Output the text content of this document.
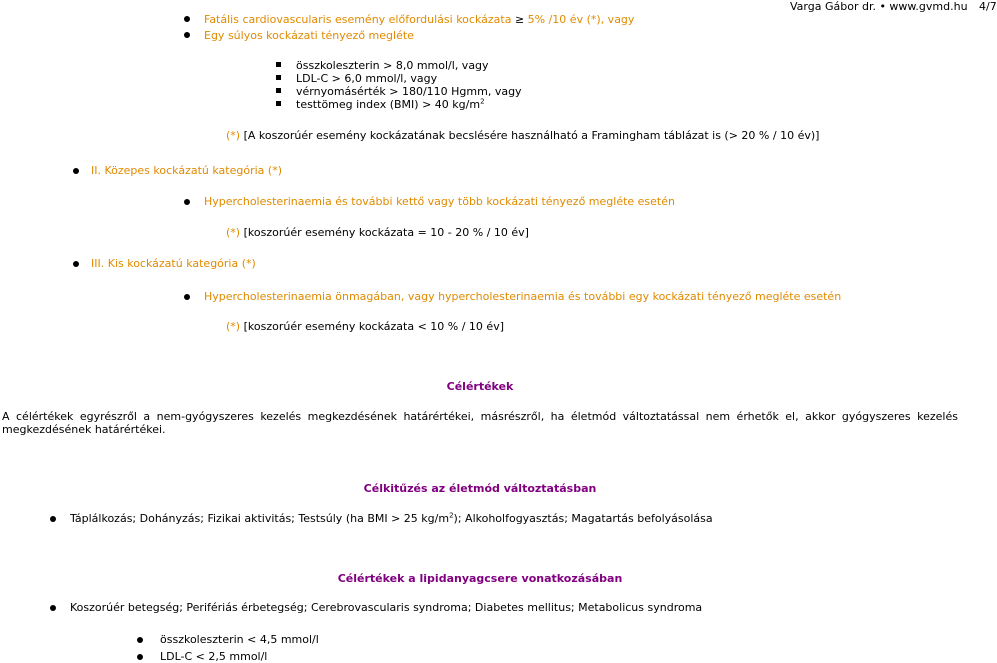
Varga Gábor dr. • www.gvmd.hu 4/7
Fatális cardiovascularis esemény előfordulási kockázata ≥ 5% /10 év (*), vagy
Egy súlyos kockázati tényező megléte
összkoleszterin > 8,0 mmol/l, vagy
LDL-C > 6,0 mmol/l, vagy
vérnyomásérték > 180/110 Hgmm, vagy
testtömeg index (BMI) > 40 $kg/m^2$
(*) [A koszorúér esemény kockázatának becslésére használható a Framingham táblázat is (> 20 % / 10 év)]
II. Közepes kockázatú kategória (*)
Hypercholesterinaemia és további kettő vagy több kockázati tényező megléte esetén
(*) [koszorúér esemény kockázata = 10 - 20 % / 10 év]
III. Kis kockázatú kategória (*)
Hypercholesterinaemia önmagában, vagy hypercholesterinaemia és további egy kockázati tényező megléte esetén
(*) [koszorúér esemény kockázata < 10 % / 10 év]
Célértékek
A célértékek egyrészről a nem-gyógyszeres kezelés megkezdésének határértékei, másrészről, ha életmód változtatással nem érhetők el, akkor gyógyszeres kezelés megkezdésének határértékei.
Célkitűzés az életmód változtatásban
Táplálkozás; Dohányzás; Fizikai aktivitás; Testsúly (ha BMI > 25 $kg/m^2$); Alkoholfogyasztás; Magatartás befolyásolása
Célértékek a lipidanyagcsere vonatkozásában
Koszorúér betegség; Perifériás érbetegség; Cerebrovascularis syndroma; Diabetes mellitus; Metabolicus syndroma
összkoleszterin < 4,5 mmol/l
LDL-C < 2,5 mmol/l
